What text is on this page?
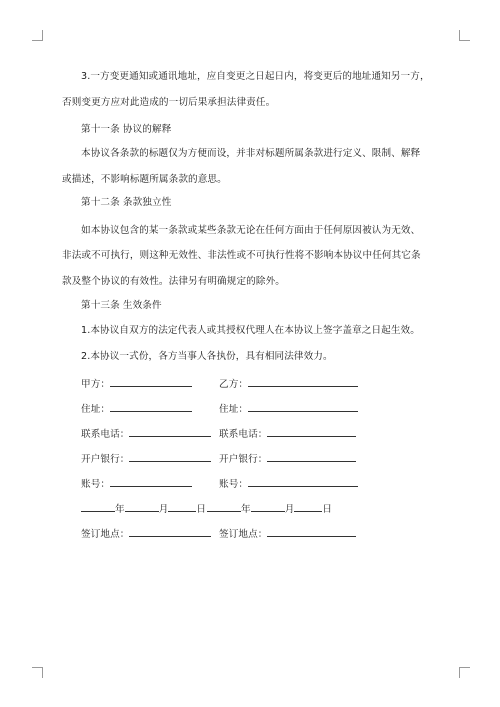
3.一方变更通知或通讯地址，应自变更之日起日内，将变更后的地址通知另一方，
否则变更方应对此造成的一切后果承担法律责任。
第十一条 协议的解释
本协议各条款的标题仅为方便而设，并非对标题所属条款进行定义、限制、解释
或描述，不影响标题所属条款的意思。
第十二条 条款独立性
如本协议包含的某一条款或某些条款无论在任何方面由于任何原因被认为无效、
非法或不可执行，则这种无效性、非法性或不可执行性将不影响本协议中任何其它条
款及整个协议的有效性。法律另有明确规定的除外。
第十三条 生效条件
1.本协议自双方的法定代表人或其授权代理人在本协议上签字盖章之日起生效。
2.本协议一式份，各方当事人各执份，具有相同法律效力。
甲方：	乙方：
住址：	住址：
联系电话：	联系电话：
开户银行：	开户银行：
账号：	账号：
年	月	日	年	月	日
签订地点：	签订地点：
